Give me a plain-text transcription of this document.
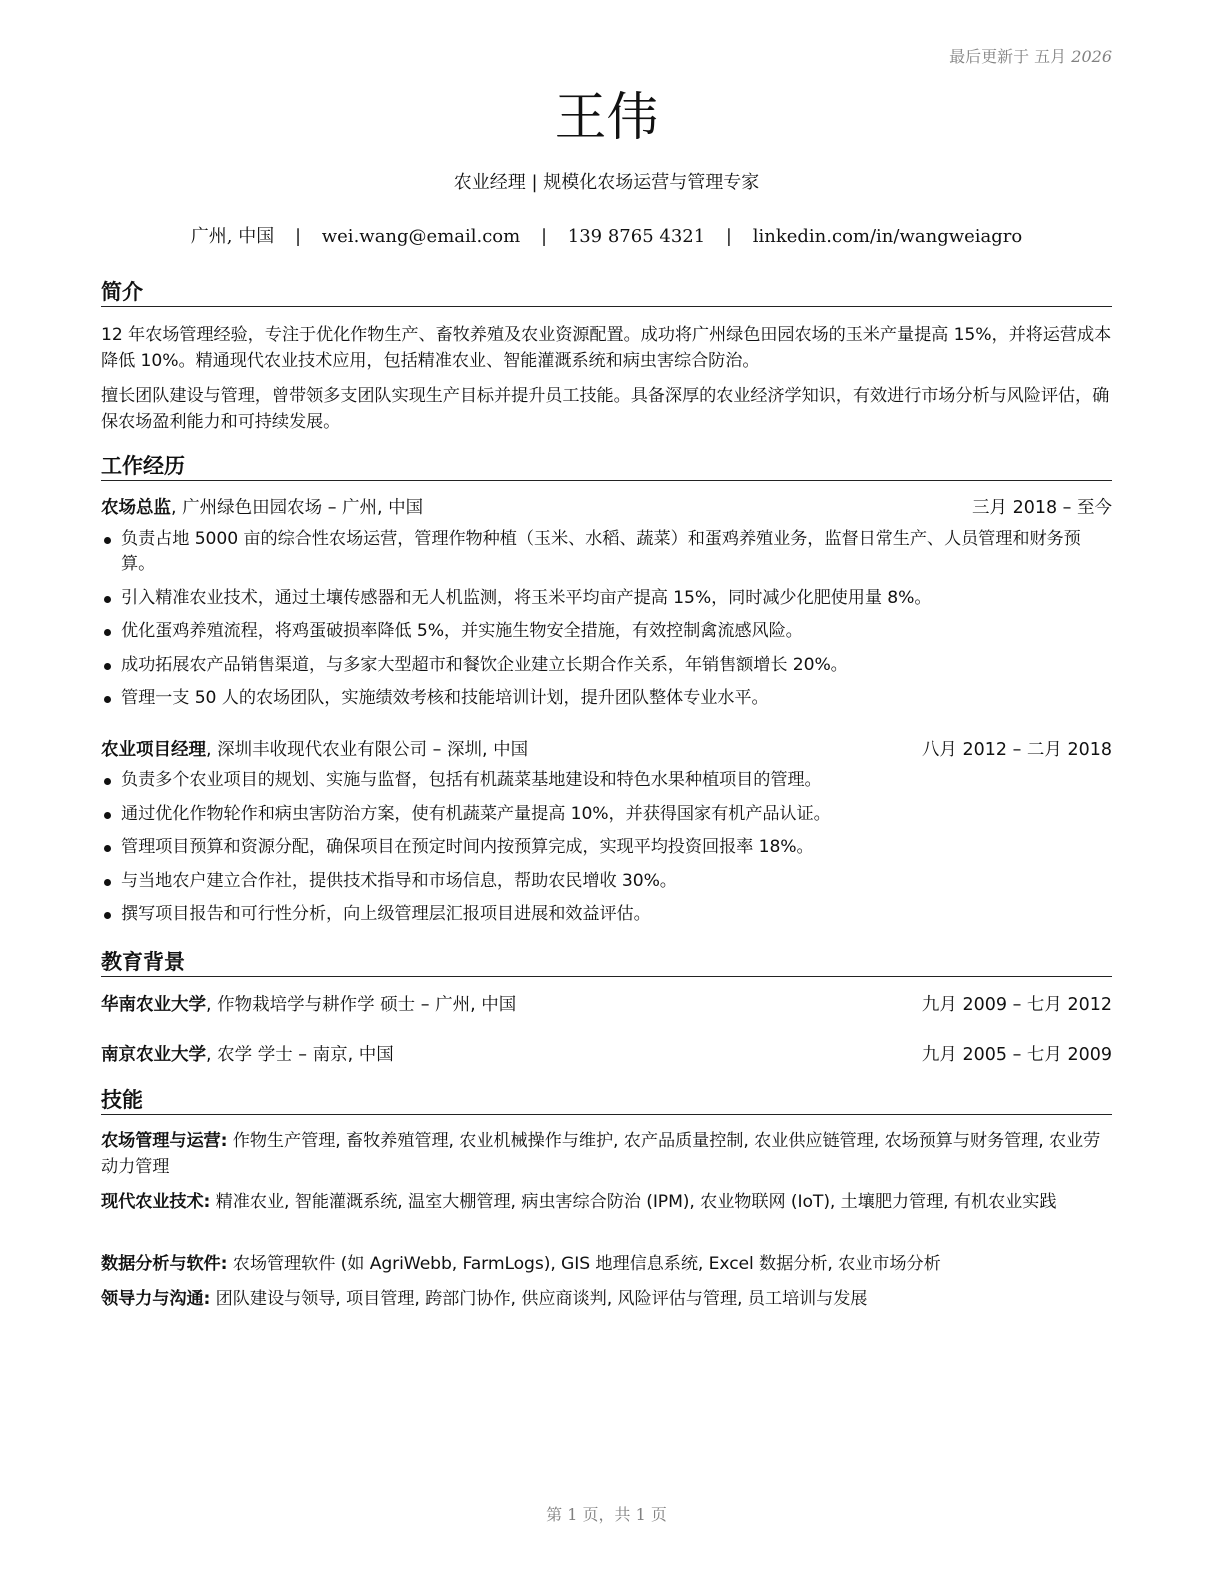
最后更新于 五月 2026
王伟
农业经理 | 规模化农场运营与管理专家
广州, 中国 | wei.wang@email.com | 139 8765 4321 | linkedin.com/in/wangweiagro
简介
12 年农场管理经验，专注于优化作物生产、畜牧养殖及农业资源配置。成功将广州绿色田园农场的玉米产量提高 15%，并将运营成本降低 10%。精通现代农业技术应用，包括精准农业、智能灌溉系统和病虫害综合防治。
擅长团队建设与管理，曾带领多支团队实现生产目标并提升员工技能。具备深厚的农业经济学知识，有效进行市场分析与风险评估，确保农场盈利能力和可持续发展。
工作经历
农场总监, 广州绿色田园农场 – 广州, 中国	三月 2018 – 至今
负责占地 5000 亩的综合性农场运营，管理作物种植（玉米、水稻、蔬菜）和蛋鸡养殖业务，监督日常生产、人员管理和财务预算。
引入精准农业技术，通过土壤传感器和无人机监测，将玉米平均亩产提高 15%，同时减少化肥使用量 8%。
优化蛋鸡养殖流程，将鸡蛋破损率降低 5%，并实施生物安全措施，有效控制禽流感风险。
成功拓展农产品销售渠道，与多家大型超市和餐饮企业建立长期合作关系，年销售额增长 20%。
管理一支 50 人的农场团队，实施绩效考核和技能培训计划，提升团队整体专业水平。
农业项目经理, 深圳丰收现代农业有限公司 – 深圳, 中国	八月 2012 – 二月 2018
负责多个农业项目的规划、实施与监督，包括有机蔬菜基地建设和特色水果种植项目的管理。
通过优化作物轮作和病虫害防治方案，使有机蔬菜产量提高 10%，并获得国家有机产品认证。
管理项目预算和资源分配，确保项目在预定时间内按预算完成，实现平均投资回报率 18%。
与当地农户建立合作社，提供技术指导和市场信息，帮助农民增收 30%。
撰写项目报告和可行性分析，向上级管理层汇报项目进展和效益评估。
教育背景
华南农业大学, 作物栽培学与耕作学 硕士 – 广州, 中国	九月 2009 – 七月 2012
南京农业大学, 农学 学士 – 南京, 中国	九月 2005 – 七月 2009
技能
农场管理与运营: 作物生产管理, 畜牧养殖管理, 农业机械操作与维护, 农产品质量控制, 农业供应链管理, 农场预算与财务管理, 农业劳动力管理
现代农业技术: 精准农业, 智能灌溉系统, 温室大棚管理, 病虫害综合防治 (IPM), 农业物联网 (IoT), 土壤肥力管理, 有机农业实践
数据分析与软件: 农场管理软件 (如 AgriWebb, FarmLogs), GIS 地理信息系统, Excel 数据分析, 农业市场分析
领导力与沟通: 团队建设与领导, 项目管理, 跨部门协作, 供应商谈判, 风险评估与管理, 员工培训与发展
第 1 页，共 1 页
